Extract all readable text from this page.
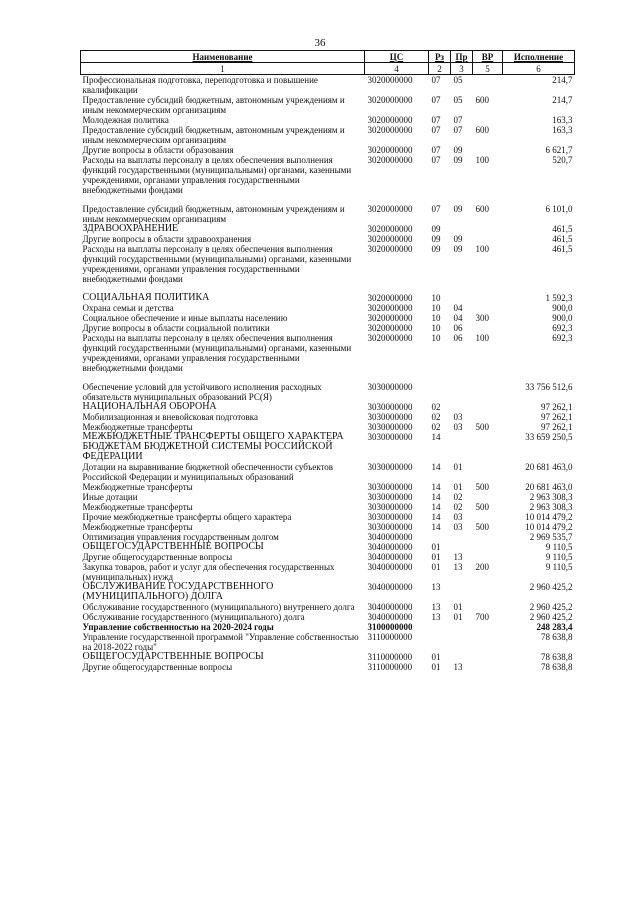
36
Наименование	ЦС	Рз	Пр	ВР	Исполнение
1	4	2	3	5	6
Профессиональная подготовка, переподготовка и повышение квалификации	3020000000	07	05		214,7
Предоставление субсидий бюджетным, автономным учреждениям и иным некоммерческим организациям	3020000000	07	05	600	214,7
Молодежная политика	3020000000	07	07		163,3
Предоставление субсидий бюджетным, автономным учреждениям и иным некоммерческим организациям	3020000000	07	07	600	163,3
Другие вопросы в области образования	3020000000	07	09		6 621,7
Расходы на выплаты персоналу в целях обеспечения выполнения функций государственными (муниципальными) органами, казенными учреждениями, органами управления государственными внебюджетными фондами	3020000000	07	09	100	520,7

Предоставление субсидий бюджетным, автономным учреждениям и иным некоммерческим организациям	3020000000	07	09	600	6 101,0
ЗДРАВООХРАНЕНИЕ	3020000000	09			461,5
Другие вопросы в области здравоохранения	3020000000	09	09		461,5
Расходы на выплаты персоналу в целях обеспечения выполнения функций государственными (муниципальными) органами, казенными учреждениями, органами управления государственными внебюджетными фондами	3020000000	09	09	100	461,5

СОЦИАЛЬНАЯ ПОЛИТИКА	3020000000	10			1 592,3
Охрана семьи и детства	3020000000	10	04		900,0
Социальное обеспечение и иные выплаты населению	3020000000	10	04	300	900,0
Другие вопросы в области социальной политики	3020000000	10	06		692,3
Расходы на выплаты персоналу в целях обеспечения выполнения функций государственными (муниципальными) органами, казенными учреждениями, органами управления государственными внебюджетными фондами	3020000000	10	06	100	692,3

Обеспечение условий для устойчивого исполнения расходных обязательств муниципальных образований РС(Я)	3030000000				33 756 512,6
НАЦИОНАЛЬНАЯ ОБОРОНА	3030000000	02			97 262,1
Мобилизационная и вневойсковая подготовка	3030000000	02	03		97 262,1
Межбюджетные трансферты	3030000000	02	03	500	97 262,1
МЕЖБЮДЖЕТНЫЕ ТРАНСФЕРТЫ ОБЩЕГО ХАРАКТЕРА БЮДЖЕТАМ БЮДЖЕТНОЙ СИСТЕМЫ РОССИЙСКОЙ ФЕДЕРАЦИИ	3030000000	14			33 659 250,5
Дотации на выравнивание бюджетной обеспеченности субъектов Российской Федерации и муниципальных образований	3030000000	14	01		20 681 463,0
Межбюджетные трансферты	3030000000	14	01	500	20 681 463,0
Иные дотации	3030000000	14	02		2 963 308,3
Межбюджетные трансферты	3030000000	14	02	500	2 963 308,3
Прочие межбюджетные трансферты общего характера	3030000000	14	03		10 014 479,2
Межбюджетные трансферты	3030000000	14	03	500	10 014 479,2
Оптимизация управления государственным долгом	3040000000				2 969 535,7
ОБЩЕГОСУДАРСТВЕННЫЕ ВОПРОСЫ	3040000000	01			9 110,5
Другие общегосударственные вопросы	3040000000	01	13		9 110,5
Закупка товаров, работ и услуг для обеспечения государственных (муниципальных) нужд	3040000000	01	13	200	9 110,5
ОБСЛУЖИВАНИЕ ГОСУДАРСТВЕННОГО (МУНИЦИПАЛЬНОГО) ДОЛГА	3040000000	13			2 960 425,2
Обслуживание государственного (муниципального) внутреннего долга	3040000000	13	01		2 960 425,2
Обслуживание государственного (муниципального) долга	3040000000	13	01	700	2 960 425,2
Управление собственностью на 2020-2024 годы	3100000000				248 283,4
Управление государственной программой "Управление собственностью на 2018-2022 годы"	3110000000				78 638,8
ОБЩЕГОСУДАРСТВЕННЫЕ ВОПРОСЫ	3110000000	01			78 638,8
Другие общегосударственные вопросы	3110000000	01	13		78 638,8
